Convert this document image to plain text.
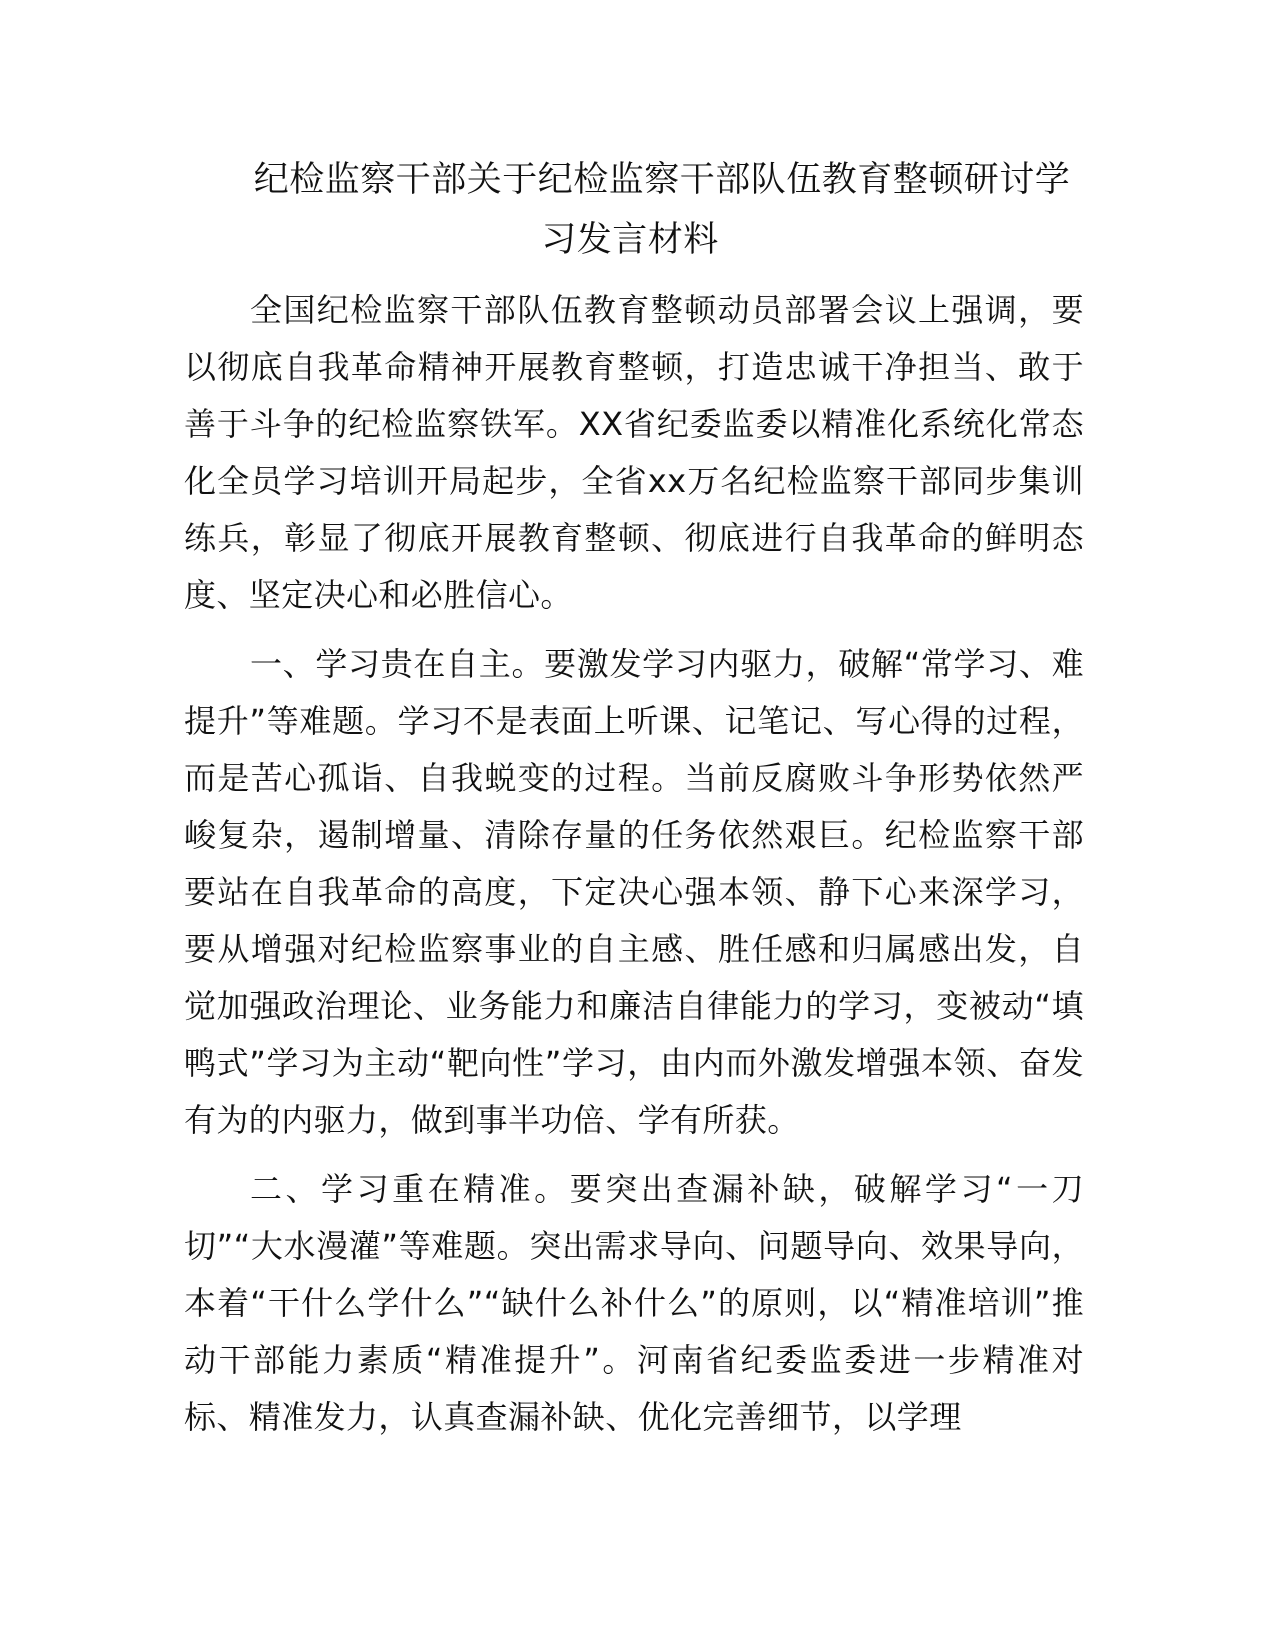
纪检监察干部关于纪检监察干部队伍教育整顿研讨学习发言材料

全国纪检监察干部队伍教育整顿动员部署会议上强调，要以彻底自我革命精神开展教育整顿，打造忠诚干净担当、敢于善于斗争的纪检监察铁军。XX省纪委监委以精准化系统化常态化全员学习培训开局起步，全省xx万名纪检监察干部同步集训练兵，彰显了彻底开展教育整顿、彻底进行自我革命的鲜明态度、坚定决心和必胜信心。

一、学习贵在自主。要激发学习内驱力，破解“常学习、难提升”等难题。学习不是表面上听课、记笔记、写心得的过程，而是苦心孤诣、自我蜕变的过程。当前反腐败斗争形势依然严峻复杂，遏制增量、清除存量的任务依然艰巨。纪检监察干部要站在自我革命的高度，下定决心强本领、静下心来深学习，要从增强对纪检监察事业的自主感、胜任感和归属感出发，自觉加强政治理论、业务能力和廉洁自律能力的学习，变被动“填鸭式”学习为主动“靶向性”学习，由内而外激发增强本领、奋发有为的内驱力，做到事半功倍、学有所获。

二、学习重在精准。要突出查漏补缺，破解学习“一刀切”“大水漫灌”等难题。突出需求导向、问题导向、效果导向，本着“干什么学什么”“缺什么补什么”的原则，以“精准培训”推动干部能力素质“精准提升”。河南省纪委监委进一步精准对标、精准发力，认真查漏补缺、优化完善细节，以学理
